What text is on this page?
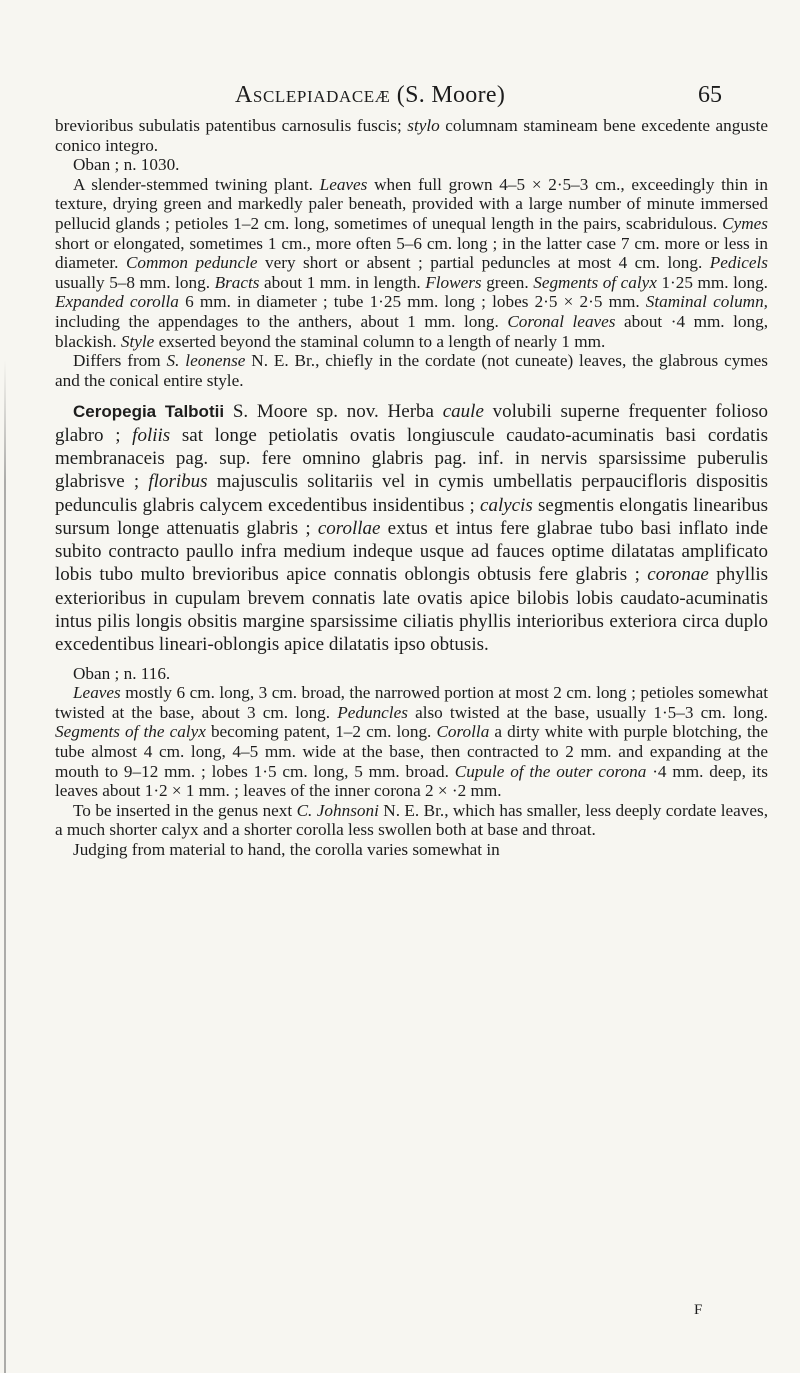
Asclepiadaceæ (S. Moore)	65

brevioribus subulatis patentibus carnosulis fuscis; stylo columnam stamineam bene excedente anguste conico integro.

Oban ; n. 1030.

A slender-stemmed twining plant. Leaves when full grown 4–5 × 2·5–3 cm., exceedingly thin in texture, drying green and markedly paler beneath, provided with a large number of minute immersed pellucid glands ; petioles 1–2 cm. long, sometimes of unequal length in the pairs, scabridulous. Cymes short or elongated, sometimes 1 cm., more often 5–6 cm. long ; in the latter case 7 cm. more or less in diameter. Common peduncle very short or absent ; partial peduncles at most 4 cm. long. Pedicels usually 5–8 mm. long. Bracts about 1 mm. in length. Flowers green. Segments of calyx 1·25 mm. long. Expanded corolla 6 mm. in diameter ; tube 1·25 mm. long ; lobes 2·5 × 2·5 mm. Staminal column, including the appendages to the anthers, about 1 mm. long. Coronal leaves about ·4 mm. long, blackish. Style exserted beyond the staminal column to a length of nearly 1 mm.

Differs from S. leonense N. E. Br., chiefly in the cordate (not cuneate) leaves, the glabrous cymes and the conical entire style.

Ceropegia Talbotii S. Moore sp. nov. Herba caule volubili superne frequenter folioso glabro ; foliis sat longe petiolatis ovatis longiuscule caudato-acuminatis basi cordatis membranaceis pag. sup. fere omnino glabris pag. inf. in nervis sparsissime puberulis glabrisve ; floribus majusculis solitariis vel in cymis umbellatis perpaucifloris dispositis pedunculis glabris calycem excedentibus insidentibus ; calycis segmentis elongatis linearibus sursum longe attenuatis glabris ; corollae extus et intus fere glabrae tubo basi inflato inde subito contracto paullo infra medium indeque usque ad fauces optime dilatatas amplificato lobis tubo multo brevioribus apice connatis oblongis obtusis fere glabris ; coronae phyllis exterioribus in cupulam brevem connatis late ovatis apice bilobis lobis caudato-acuminatis intus pilis longis obsitis margine sparsissime ciliatis phyllis interioribus exteriora circa duplo excedentibus lineari-oblongis apice dilatatis ipso obtusis.

Oban ; n. 116.

Leaves mostly 6 cm. long, 3 cm. broad, the narrowed portion at most 2 cm. long ; petioles somewhat twisted at the base, about 3 cm. long. Peduncles also twisted at the base, usually 1·5–3 cm. long. Segments of the calyx becoming patent, 1–2 cm. long. Corolla a dirty white with purple blotching, the tube almost 4 cm. long, 4–5 mm. wide at the base, then contracted to 2 mm. and expanding at the mouth to 9–12 mm. ; lobes 1·5 cm. long, 5 mm. broad. Cupule of the outer corona ·4 mm. deep, its leaves about 1·2 × 1 mm. ; leaves of the inner corona 2 × ·2 mm.

To be inserted in the genus next C. Johnsoni N. E. Br., which has smaller, less deeply cordate leaves, a much shorter calyx and a shorter corolla less swollen both at base and throat.

Judging from material to hand, the corolla varies somewhat in

F
